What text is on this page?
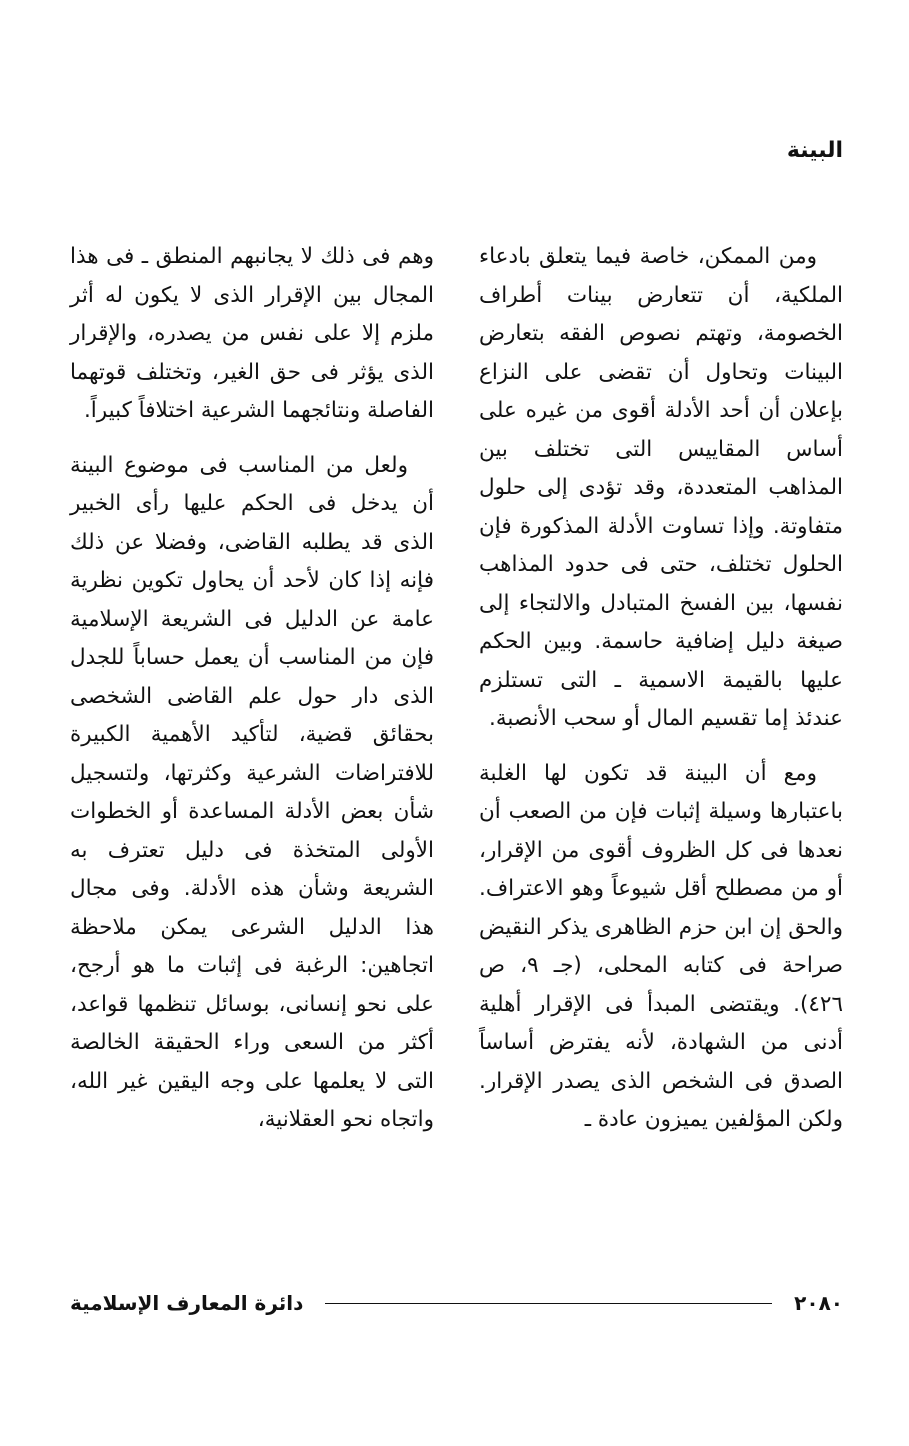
البينة

ومن الممكن، خاصة فيما يتعلق بادعاء الملكية، أن تتعارض بينات أطراف الخصومة، وتهتم نصوص الفقه بتعارض البينات وتحاول أن تقضى على النزاع بإعلان أن أحد الأدلة أقوى من غيره على أساس المقاييس التى تختلف بين المذاهب المتعددة، وقد تؤدى إلى حلول متفاوتة. وإذا تساوت الأدلة المذكورة فإن الحلول تختلف، حتى فى حدود المذاهب نفسها، بين الفسخ المتبادل والالتجاء إلى صيغة دليل إضافية حاسمة. وبين الحكم عليها بالقيمة الاسمية ـ التى تستلزم عندئذ إما تقسيم المال أو سحب الأنصبة.

ومع أن البينة قد تكون لها الغلبة باعتبارها وسيلة إثبات فإن من الصعب أن نعدها فى كل الظروف أقوى من الإقرار، أو من مصطلح أقل شيوعاً وهو الاعتراف. والحق إن ابن حزم الظاهرى يذكر النقيض صراحة فى كتابه المحلى، (جـ ٩، ص ٤٢٦). ويقتضى المبدأ فى الإقرار أهلية أدنى من الشهادة، لأنه يفترض أساساً الصدق فى الشخص الذى يصدر الإقرار. ولكن المؤلفين يميزون عادة ـ

وهم فى ذلك لا يجانبهم المنطق ـ فى هذا المجال بين الإقرار الذى لا يكون له أثر ملزم إلا على نفس من يصدره، والإقرار الذى يؤثر فى حق الغير، وتختلف قوتهما الفاصلة ونتائجهما الشرعية اختلافاً كبيراً.

ولعل من المناسب فى موضوع البينة أن يدخل فى الحكم عليها رأى الخبير الذى قد يطلبه القاضى، وفضلا عن ذلك فإنه إذا كان لأحد أن يحاول تكوين نظرية عامة عن الدليل فى الشريعة الإسلامية فإن من المناسب أن يعمل حساباً للجدل الذى دار حول علم القاضى الشخصى بحقائق قضية، لتأكيد الأهمية الكبيرة للافتراضات الشرعية وكثرتها، ولتسجيل شأن بعض الأدلة المساعدة أو الخطوات الأولى المتخذة فى دليل تعترف به الشريعة وشأن هذه الأدلة. وفى مجال هذا الدليل الشرعى يمكن ملاحظة اتجاهين: الرغبة فى إثبات ما هو أرجح، على نحو إنسانى، بوسائل تنظمها قواعد، أكثر من السعى وراء الحقيقة الخالصة التى لا يعلمها على وجه اليقين غير الله، واتجاه نحو العقلانية،

٢٠٨٠
دائرة المعارف الإسلامية
